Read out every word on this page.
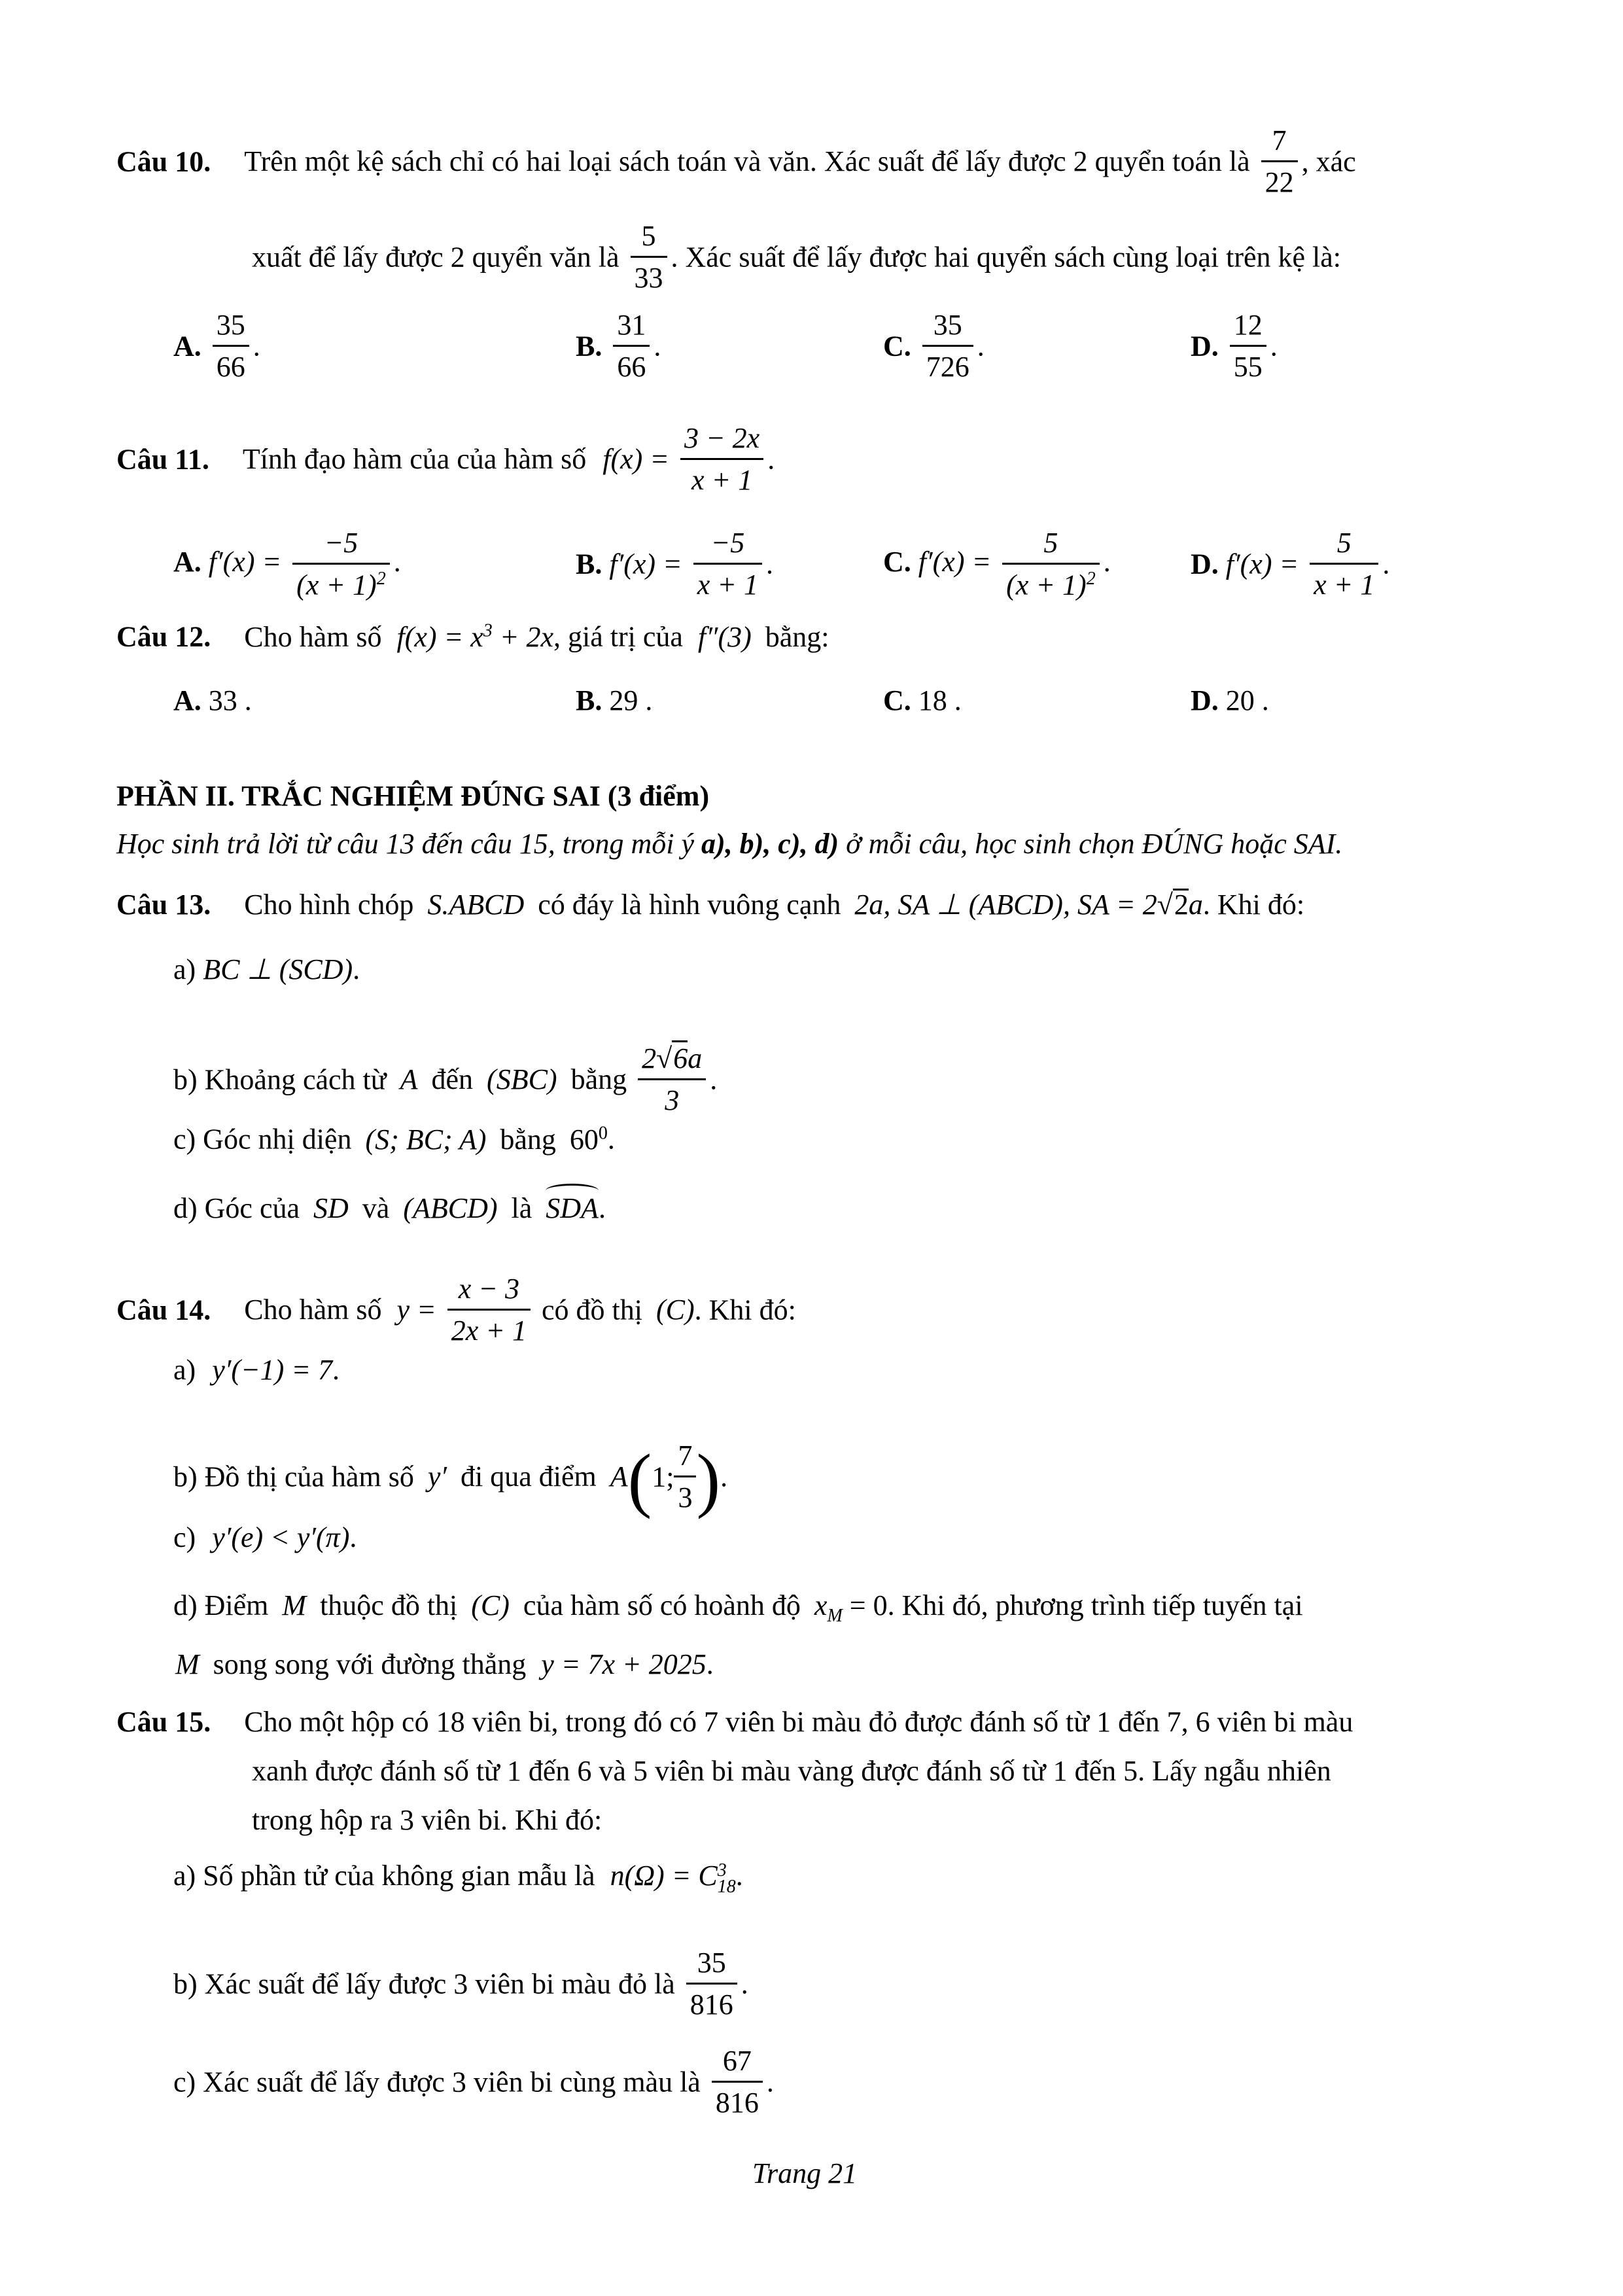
Câu 10. Trên một kệ sách chỉ có hai loại sách toán và văn. Xác suất để lấy được 2 quyển toán là $\frac{7}{22}$ , xác
xuất để lấy được 2 quyển văn là $\frac{5}{33}$ . Xác suất để lấy được hai quyển sách cùng loại trên kệ là:
A. $\frac{35}{66}$ .	B. $\frac{31}{66}$ .	C. $\frac{35}{726}$ .	D. $\frac{12}{55}$ .
Câu 11. Tính đạo hàm của của hàm số $f(x) = \frac{3 - 2x}{x + 1}$ .
A. $f'(x) = \frac{-5}{(x + 1)^2}$ .	B. $f'(x) = \frac{-5}{x + 1}$ .	C. $f'(x) = \frac{5}{(x + 1)^2}$ .	D. $f'(x) = \frac{5}{x + 1}$ .
Câu 12. Cho hàm số $f(x) = x^3 + 2x$, giá trị của f″(3) bằng:
A. 33 .	B. 29 .	C. 18 .	D. 20 .
PHẦN II. TRẮC NGHIỆM ĐÚNG SAI (3 điểm)
Học sinh trả lời từ câu 13 đến câu 15, trong mỗi ý a), b), c), d) ở mỗi câu, học sinh chọn ĐÚNG hoặc SAI.
Câu 13. Cho hình chóp S.ABCD có đáy là hình vuông cạnh 2a, SA ⊥ (ABCD), SA = 2√2a. Khi đó:
a) BC ⊥ (SCD).
b) Khoảng cách từ A đến (SBC) bằng $\frac{2√6a}{3}$ .
c) Góc nhị diện (S; BC; A) bằng $60^0$.
d) Góc của SD và (ABCD) là SDA.
Câu 14. Cho hàm số $y = \frac{x - 3}{2x + 1}$ có đồ thị (C). Khi đó:
a) y′(−1) = 7.
b) Đồ thị của hàm số y′ đi qua điểm A(1; $\frac{7}{3}$ ).
c) y′(e) < y′(π).
d) Điểm M thuộc đồ thị (C) của hàm số có hoành độ $x_M = 0$. Khi đó, phương trình tiếp tuyến tại
M song song với đường thẳng y = 7x + 2025.
Câu 15. Cho một hộp có 18 viên bi, trong đó có 7 viên bi màu đỏ được đánh số từ 1 đến 7, 6 viên bi màu
xanh được đánh số từ 1 đến 6 và 5 viên bi màu vàng được đánh số từ 1 đến 5. Lấy ngẫu nhiên
trong hộp ra 3 viên bi. Khi đó:
a) Số phần tử của không gian mẫu là n(Ω) = C 3
18 .
b) Xác suất để lấy được 3 viên bi màu đỏ là $\frac{35}{816}$ .
c) Xác suất để lấy được 3 viên bi cùng màu là $\frac{67}{816}$ .
Trang 21
